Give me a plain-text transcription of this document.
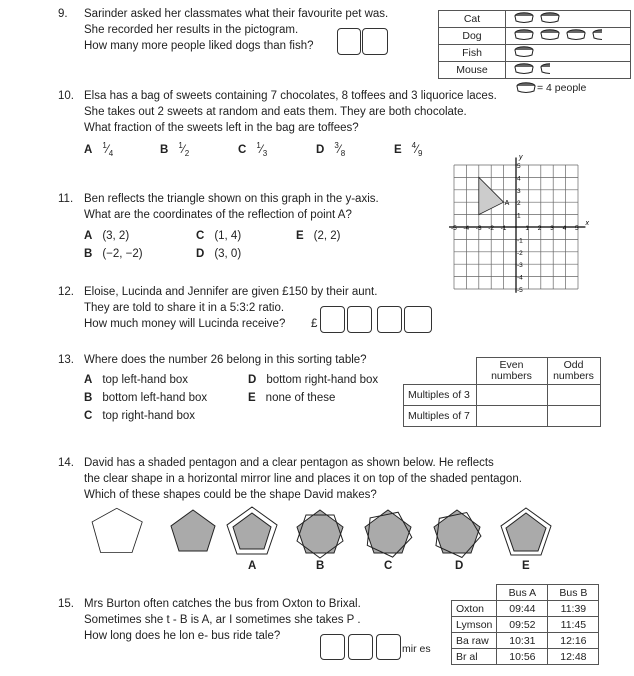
9. Sarinder asked her classmates what their favourite pet was.
She recorded her results in the pictogram.
How many more people liked dogs than fish?
Cat	
Dog	
Fish	
Mouse	
= 4 people
10. Elsa has a bag of sweets containing 7 chocolates, 8 toffees and 3 liquorice laces.
She takes out 2 sweets at random and eats them. They are both chocolate.
What fraction of the sweets left in the bag are toffees?
A $^1⁄_4$	B $^1⁄_2$	C $^1⁄_3$	D $^3⁄_8$	E $^4⁄_9$
11. Ben reflects the triangle shown on this graph in the y-axis.
What are the coordinates of the reflection of point A?
A (3, 2)	C (1, 4)	E (2, 2)
B (−2, −2)	D (3, 0)
A
x
y
-5 -4 -3 -2 -1	1 2 3 4 5
5
4
3
2
1
-1
-2
-3
-4
-5
12. Eloise, Lucinda and Jennifer are given £150 by their aunt.
They are told to share it in a 5:3:2 ratio.
How much money will Lucinda receive? £
13. Where does the number 26 belong in this sorting table?
A top left-hand box	D bottom right-hand box
B bottom left-hand box	E none of these
C top right-hand box
	Even numbers	Odd numbers
Multiples of 3		
Multiples of 7		
14. David has a shaded pentagon and a clear pentagon as shown below. He reflects
the clear shape in a horizontal mirror line and places it on top of the shaded pentagon.
Which of these shapes could be the shape David makes?
A	B	C	D	E
15. Mrs Burton often catches the bus from Oxton to Brixal.
Sometimes she t - B is A, ar I sometimes she takes P .
How long does he lon e- bus ride tale?
mir es
	Bus A	Bus B
Oxton	09:44	11:39
Lymson	09:52	11:45
Ba raw	10:31	12:16
Br al	10:56	12:48
